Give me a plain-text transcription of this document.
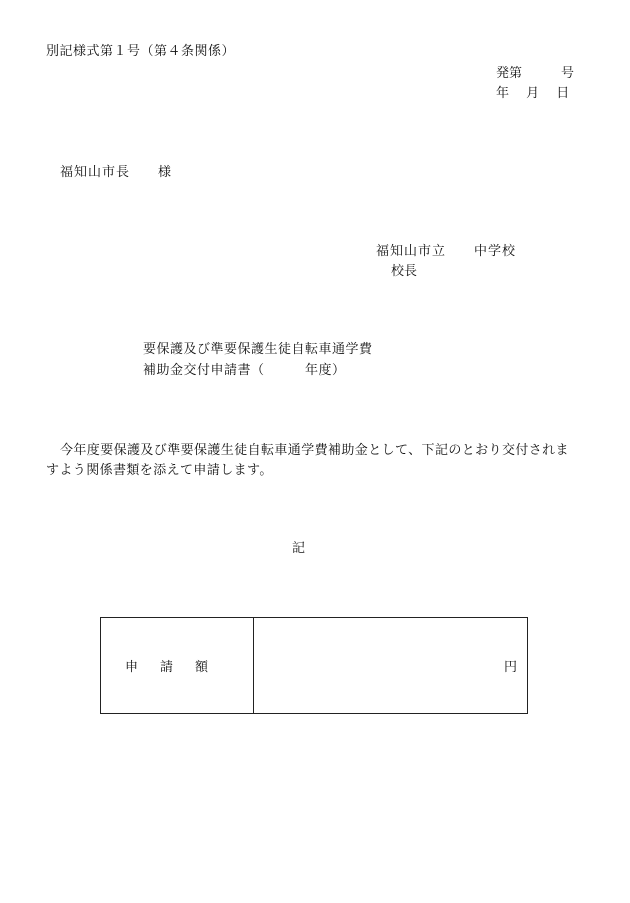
別記様式第１号（第４条関係）
発第　　　号
年　 月　 日
福知山市長　　様
福知山市立　　中学校
校長
要保護及び準要保護生徒自転車通学費
補助金交付申請書（　　　年度）
今年度要保護及び準要保護生徒自転車通学費補助金として、下記のとおり交付されますよう関係書類を添えて申請します。
記
申請額	円
